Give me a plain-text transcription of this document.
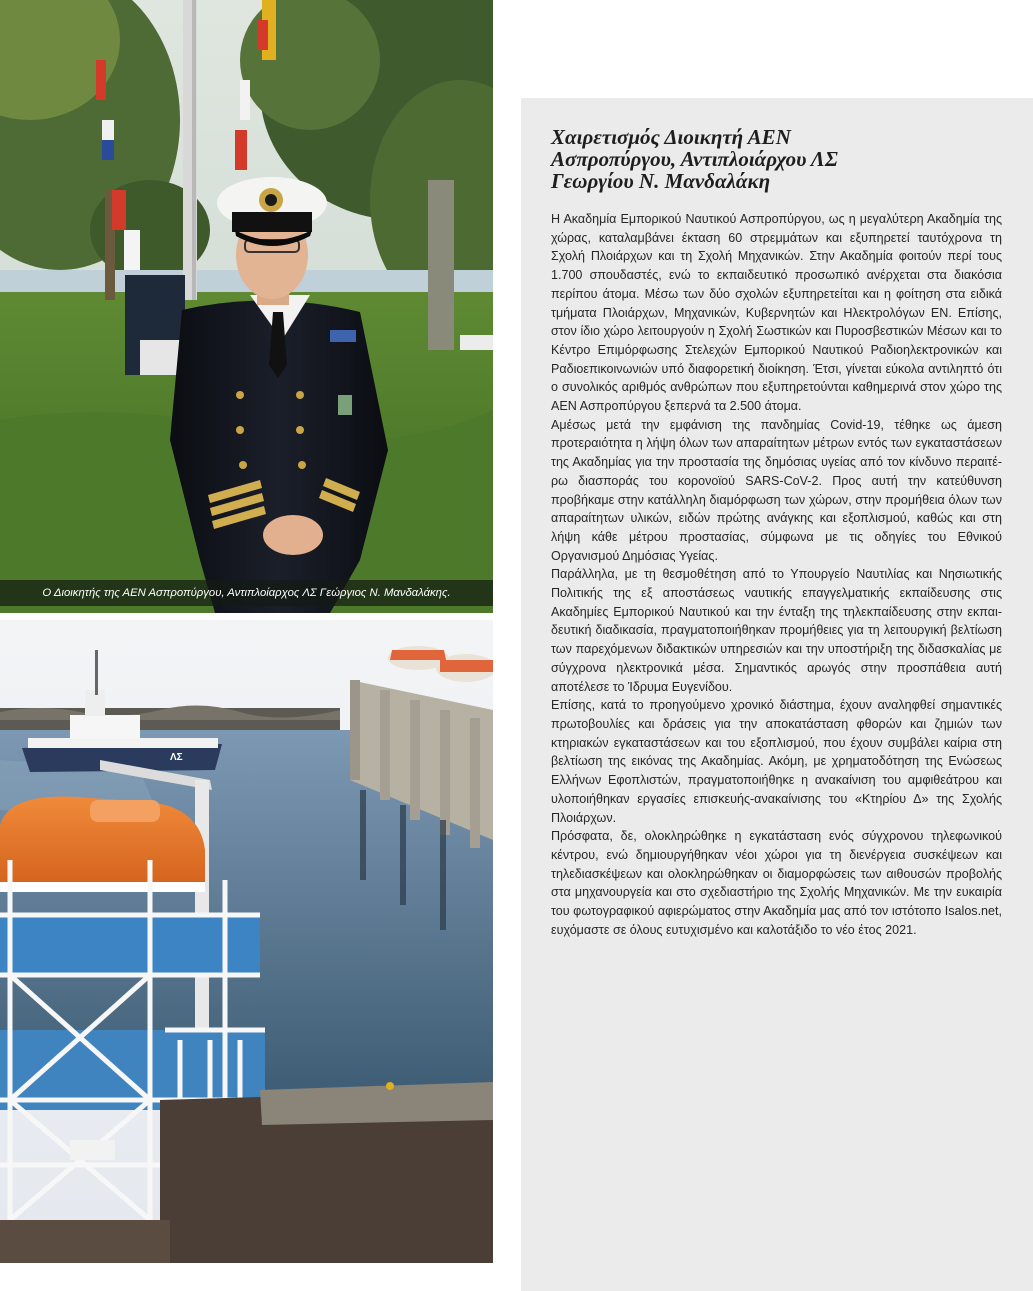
Ο Διοικητής της ΑΕΝ Ασπροπύργου, Αντιπλοίαρχος ΛΣ Γεώργιος Ν. Μανδαλάκης.
ΛΣ
Χαιρετισμός Διοικητή ΑΕΝ
Ασπροπύργου, Αντιπλοιάρχου ΛΣ
Γεωργίου Ν. Μανδαλάκη

Η Ακαδημία Εμπορικού Ναυτικού Ασπροπύργου, ως η μεγαλύτερη Ακαδημία της χώρας, καταλαμβάνει έκταση 60 στρεμμάτων και εξυπηρετεί ταυτόχρονα τη Σχολή Πλοιάρχων και τη Σχολή Μηχανικών. Στην Ακαδημία φοιτούν περί τους 1.700 σπουδαστές, ενώ το εκπαιδευτικό προσωπικό ανέρχεται στα διακόσια περίπου άτομα. Μέσω των δύο σχολών εξυπηρετείται και η φοίτηση στα ειδικά τμήματα Πλοιάρχων, Μηχανικών, Κυβερνητών και Ηλεκτρολόγων ΕΝ. Επίσης, στον ίδιο χώρο λειτουργούν η Σχολή Σωστικών και Πυροσβεστικών Μέσων και το Κέντρο Επιμόρφωσης Στελεχών Εμπορικού Ναυτικού Ραδιοηλεκτρονικών και Ραδιοεπικοινωνιών υπό διαφορετική διοίκηση. Έτσι, γίνεται εύκολα αντιληπτό ότι ο συνολικός αριθμός ανθρώπων που εξυπηρετούνται καθημερινά στον χώρο της ΑΕΝ Ασπροπύργου ξεπερνά τα 2.500 άτομα.

Αμέσως μετά την εμφάνιση της πανδημίας Covid-19, τέθηκε ως άμεση προτεραιότητα η λήψη όλων των απαραίτητων μέτρων εντός των εγκαταστάσεων της Ακαδημίας για την προστασία της δημόσιας υγείας από τον κίνδυνο περαιτέρω διασποράς του κορονοϊού SARS-CoV-2. Προς αυτή την κατεύθυνση προβήκαμε στην κατάλληλη διαμόρφωση των χώρων, στην προμήθεια όλων των απαραίτητων υλικών, ειδών πρώτης ανάγκης και εξοπλισμού, καθώς και στη λήψη κάθε μέτρου προστασίας, σύμφωνα με τις οδηγίες του Εθνικού Οργανισμού Δημόσιας Υγείας.

Παράλληλα, με τη θεσμοθέτηση από το Υπουργείο Ναυτιλίας και Νησιωτικής Πολιτικής της εξ αποστάσεως ναυτικής επαγγελματικής εκπαίδευσης στις Ακαδημίες Εμπορικού Ναυτικού και την ένταξη της τηλεκπαίδευσης στην εκπαιδευτική διαδικασία, πραγματοποιήθηκαν προμήθειες για τη λειτουργική βελτίωση των παρεχόμενων διδακτικών υπηρεσιών και την υποστήριξη της διδασκαλίας με σύγχρονα ηλεκτρονικά μέσα. Σημαντικός αρωγός στην προσπάθεια αυτή αποτέλεσε το Ίδρυμα Ευγενίδου.

Επίσης, κατά το προηγούμενο χρονικό διάστημα, έχουν αναληφθεί σημαντικές πρωτοβουλίες και δράσεις για την αποκατάσταση φθορών και ζημιών των κτηριακών εγκαταστάσεων και του εξοπλισμού, που έχουν συμβάλει καίρια στη βελτίωση της εικόνας της Ακαδημίας. Ακόμη, με χρηματοδότηση της Ενώσεως Ελλήνων Εφοπλιστών, πραγματοποιήθηκε η ανακαίνιση του αμφιθεάτρου και υλοποιήθηκαν εργασίες επισκευής-ανακαίνισης του «Κτηρίου Δ» της Σχολής Πλοιάρχων.

Πρόσφατα, δε, ολοκληρώθηκε η εγκατάσταση ενός σύγχρονου τηλεφωνικού κέντρου, ενώ δημιουργήθηκαν νέοι χώροι για τη διενέργεια συσκέψεων και τηλεδιασκέψεων και ολοκληρώθηκαν οι διαμορφώσεις των αιθουσών προβολής στα μηχανουργεία και στο σχεδιαστήριο της Σχολής Μηχανικών. Με την ευκαιρία του φωτογραφικού αφιερώματος στην Ακαδημία μας από τον ιστότοπο Isalos.net, ευχόμαστε σε όλους ευτυχισμένο και καλοτάξιδο το νέο έτος 2021.
